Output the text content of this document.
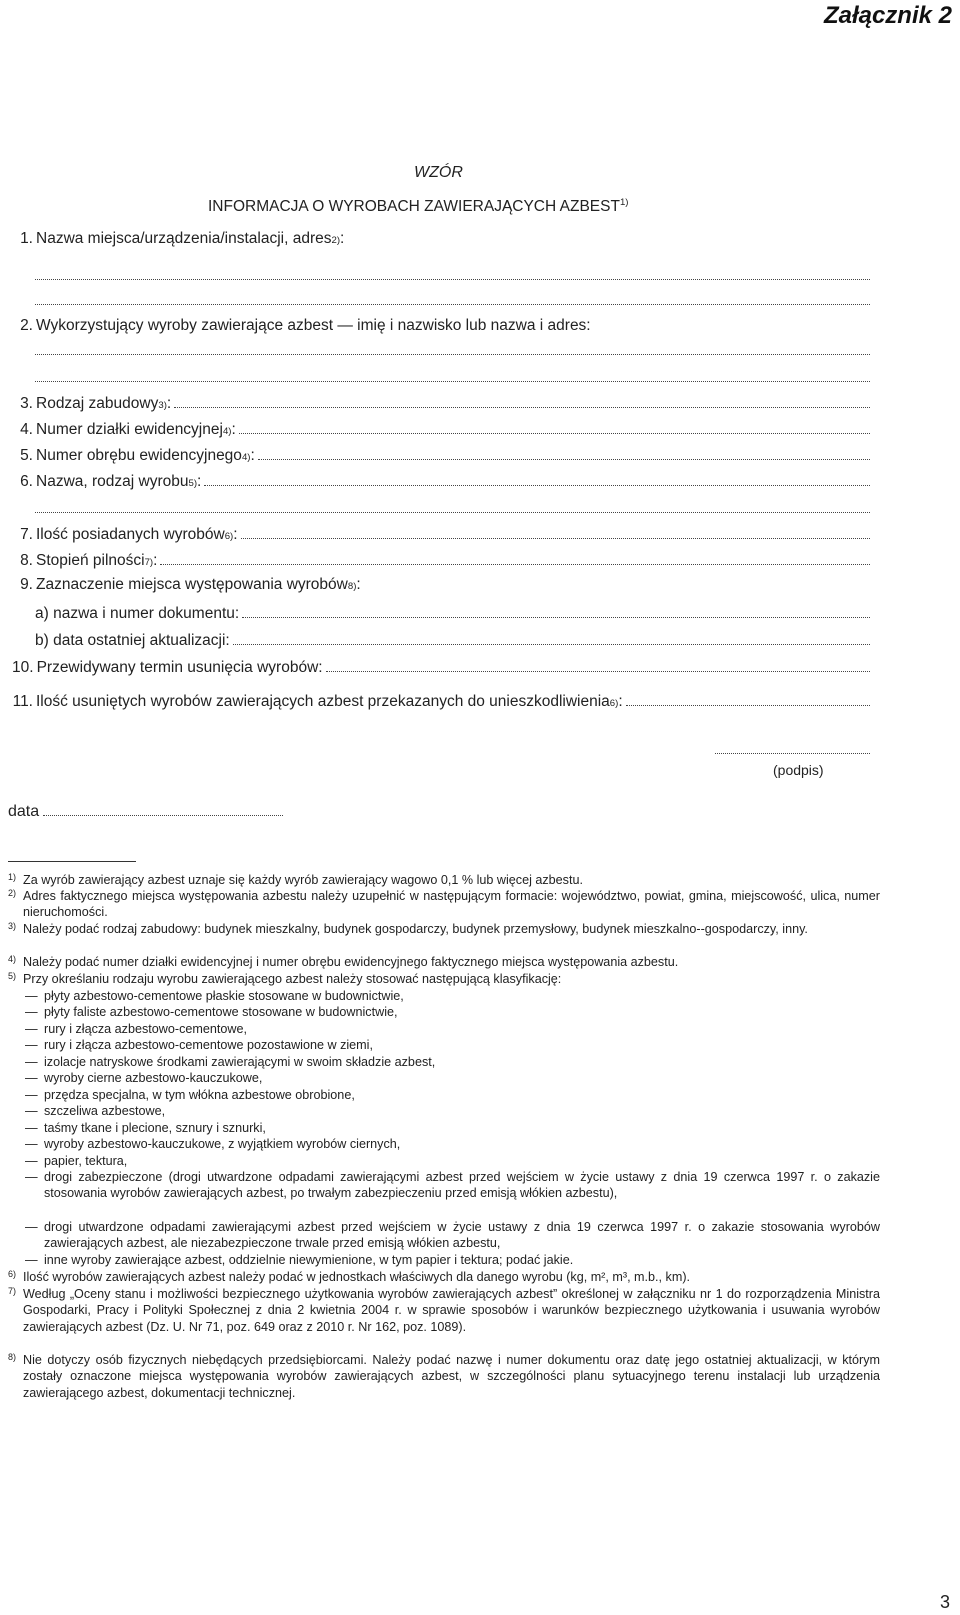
Załącznik 2
WZÓR
INFORMACJA O WYROBACH ZAWIERAJĄCYCH AZBEST$^{1)}$
1. Nazwa miejsca/urządzenia/instalacji, adres 2) :
2. Wykorzystujący wyroby zawierające azbest — imię i nazwisko lub nazwa i adres:
3. Rodzaj zabudowy 3) :
4. Numer działki ewidencyjnej 4) :
5. Numer obrębu ewidencyjnego 4) :
6. Nazwa, rodzaj wyrobu 5) :
7. Ilość posiadanych wyrobów 6) :
8. Stopień pilności 7) :
9. Zaznaczenie miejsca występowania wyrobów 8) :
a) nazwa i numer dokumentu:
b) data ostatniej aktualizacji:
10. Przewidywany termin usunięcia wyrobów:
11. Ilość usuniętych wyrobów zawierających azbest przekazanych do unieszkodliwienia 6) :
(podpis)
data
1) Za wyrób zawierający azbest uznaje się każdy wyrób zawierający wagowo 0,1 % lub więcej azbestu.
2) Adres faktycznego miejsca występowania azbestu należy uzupełnić w następującym formacie: województwo, powiat, gmina, miejscowość, ulica, numer nieruchomości.
3) Należy podać rodzaj zabudowy: budynek mieszkalny, budynek gospodarczy, budynek przemysłowy, budynek mieszkalno--gospodarczy, inny.
4) Należy podać numer działki ewidencyjnej i numer obrębu ewidencyjnego faktycznego miejsca występowania azbestu.
5) Przy określaniu rodzaju wyrobu zawierającego azbest należy stosować następującą klasyfikację:
— płyty azbestowo-cementowe płaskie stosowane w budownictwie,
— płyty faliste azbestowo-cementowe stosowane w budownictwie,
— rury i złącza azbestowo-cementowe,
— rury i złącza azbestowo-cementowe pozostawione w ziemi,
— izolacje natryskowe środkami zawierającymi w swoim składzie azbest,
— wyroby cierne azbestowo-kauczukowe,
— przędza specjalna, w tym włókna azbestowe obrobione,
— szczeliwa azbestowe,
— taśmy tkane i plecione, sznury i sznurki,
— wyroby azbestowo-kauczukowe, z wyjątkiem wyrobów ciernych,
— papier, tektura,
— drogi zabezpieczone (drogi utwardzone odpadami zawierającymi azbest przed wejściem w życie ustawy z dnia 19 czerwca 1997 r. o zakazie stosowania wyrobów zawierających azbest, po trwałym zabezpieczeniu przed emisją włókien azbestu),
— drogi utwardzone odpadami zawierającymi azbest przed wejściem w życie ustawy z dnia 19 czerwca 1997 r. o zakazie stosowania wyrobów zawierających azbest, ale niezabezpieczone trwale przed emisją włókien azbestu,
— inne wyroby zawierające azbest, oddzielnie niewymienione, w tym papier i tektura; podać jakie.
6) Ilość wyrobów zawierających azbest należy podać w jednostkach właściwych dla danego wyrobu (kg, m², m³, m.b., km).
7) Według „Oceny stanu i możliwości bezpiecznego użytkowania wyrobów zawierających azbest” określonej w załączniku nr 1 do rozporządzenia Ministra Gospodarki, Pracy i Polityki Społecznej z dnia 2 kwietnia 2004 r. w sprawie sposobów i warunków bezpiecznego użytkowania i usuwania wyrobów zawierających azbest (Dz. U. Nr 71, poz. 649 oraz z 2010 r. Nr 162, poz. 1089).
8) Nie dotyczy osób fizycznych niebędących przedsiębiorcami. Należy podać nazwę i numer dokumentu oraz datę jego ostatniej aktualizacji, w którym zostały oznaczone miejsca występowania wyrobów zawierających azbest, w szczególności planu sytuacyjnego terenu instalacji lub urządzenia zawierającego azbest, dokumentacji technicznej.
3
